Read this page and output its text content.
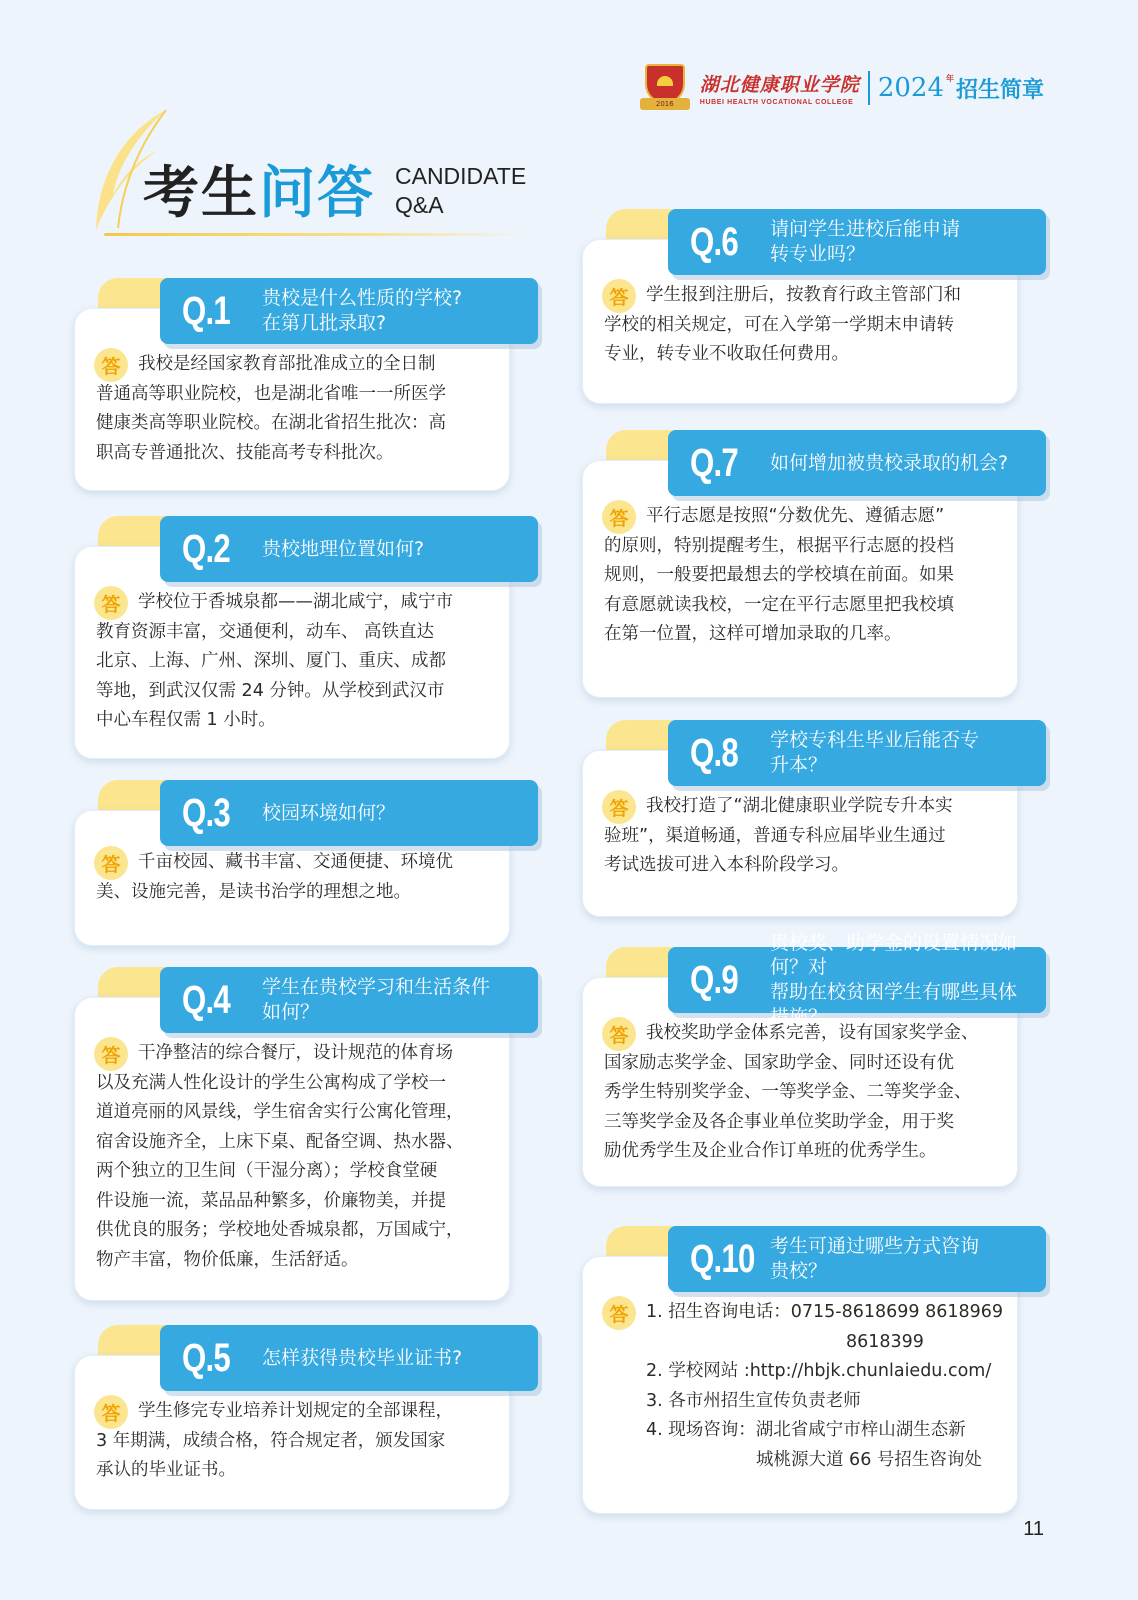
2016
湖北健康职业学院
HUBEI HEALTH VOCATIONAL COLLEGE 2024 年 招生简章
考生问答 CANDIDATE
Q&A
Q.1	贵校是什么性质的学校?
在第几批录取?
答	我校是经国家教育部批准成立的全日制
普通高等职业院校，也是湖北省唯一一所医学
健康类高等职业院校。在湖北省招生批次：高
职高专普通批次、技能高考专科批次。
Q.2	贵校地理位置如何?
答	学校位于香城泉都——湖北咸宁，咸宁市
教育资源丰富，交通便利，动车、 高铁直达
北京、上海、广州、深圳、厦门、重庆、成都
等地，到武汉仅需 24 分钟。从学校到武汉市
中心车程仅需 1 小时。
Q.3	校园环境如何？
答	千亩校园、藏书丰富、交通便捷、环境优
美、设施完善，是读书治学的理想之地。
Q.4	学生在贵校学习和生活条件
如何？
答	干净整洁的综合餐厅，设计规范的体育场
以及充满人性化设计的学生公寓构成了学校一
道道亮丽的风景线，学生宿舍实行公寓化管理，
宿舍设施齐全，上床下桌、配备空调、热水器、
两个独立的卫生间（干湿分离）；学校食堂硬
件设施一流，菜品品种繁多，价廉物美，并提
供优良的服务；学校地处香城泉都，万国咸宁，
物产丰富，物价低廉，生活舒适。
Q.5	怎样获得贵校毕业证书?
答	学生修完专业培养计划规定的全部课程，
3 年期满，成绩合格，符合规定者，颁发国家
承认的毕业证书。
Q.6	请问学生进校后能申请
转专业吗？
答	学生报到注册后，按教育行政主管部门和
学校的相关规定，可在入学第一学期末申请转
专业，转专业不收取任何费用。
Q.7	如何增加被贵校录取的机会?
答	平行志愿是按照“分数优先、遵循志愿”
的原则，特别提醒考生，根据平行志愿的投档
规则，一般要把最想去的学校填在前面。如果
有意愿就读我校，一定在平行志愿里把我校填
在第一位置，这样可增加录取的几率。
Q.8	学校专科生毕业后能否专
升本？
答	我校打造了“湖北健康职业学院专升本实
验班”，渠道畅通，普通专科应届毕业生通过
考试选拔可进入本科阶段学习。
Q.9
贵校奖、助学金的设置情况如何？对
帮助在校贫困学生有哪些具体措施？
答	我校奖助学金体系完善，设有国家奖学金、
国家励志奖学金、国家助学金、同时还设有优
秀学生特别奖学金、一等奖学金、二等奖学金、
三等奖学金及各企事业单位奖助学金，用于奖
励优秀学生及企业合作订单班的优秀学生。
Q.10 考生可通过哪些方式咨询
贵校？
答	1. 招生咨询电话：0715-8618699 8618969
8618399
2. 学校网站 :http://hbjk.chunlaiedu.com/
3. 各市州招生宣传负责老师
4. 现场咨询：湖北省咸宁市梓山湖生态新
城桃源大道 66 号招生咨询处
11
